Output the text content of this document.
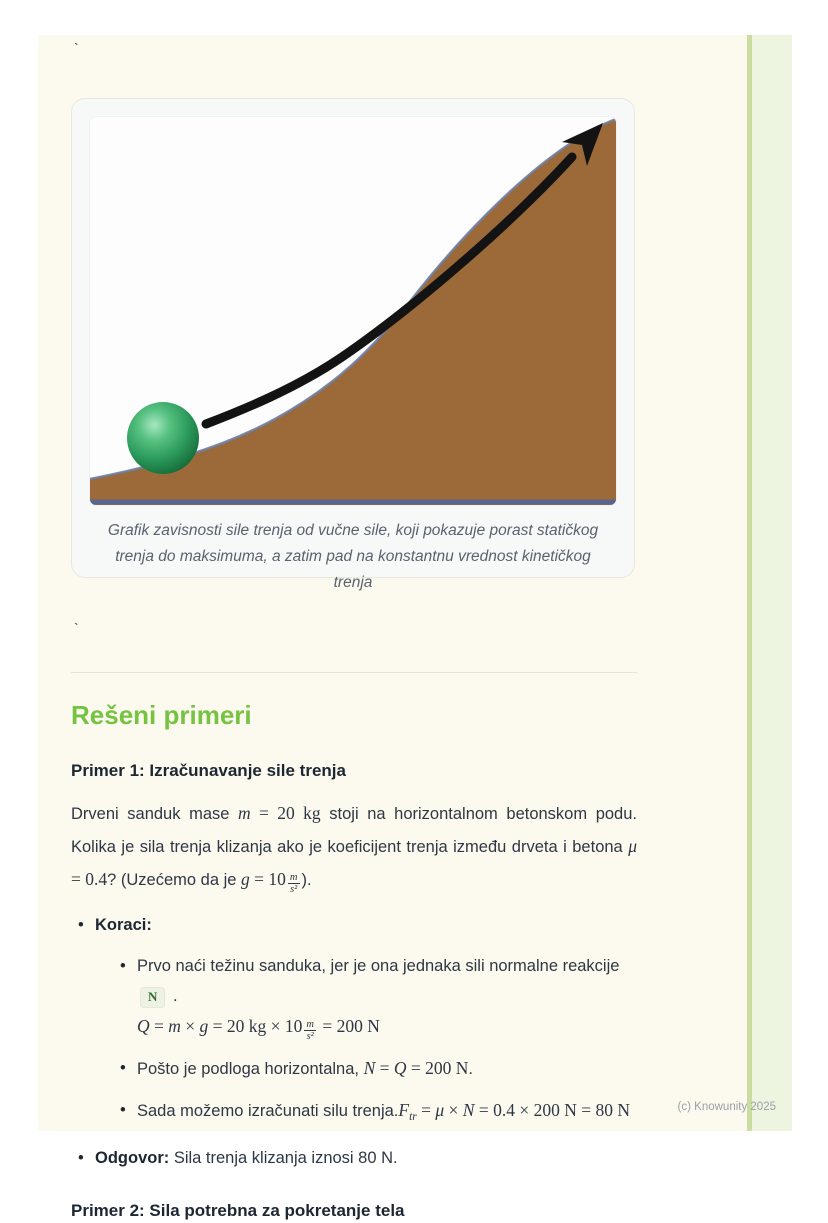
`
Grafik zavisnosti sile trenja od vučne sile, koji pokazuje porast statičkog trenja do maksimuma, a zatim pad na konstantnu vrednost kinetičkog trenja
`
Rešeni primeri
Primer 1: Izračunavanje sile trenja

Drveni sanduk mase m = 20 kg stoji na horizontalnom betonskom podu. Kolika je sila trenja klizanja ako je koeficijent trenja između drveta i betona μ = 0.4? (Uzećemo da je $g = 10 \frac{m}{\text{s²}}$ ).

• Koraci:
• Prvo naći težinu sanduka, jer je ona jednaka sili normalne reakcije N .
Q = m × g = 20 kg × $10 \frac{m}{\text{s²}} = 200$ N
• Pošto je podloga horizontalna, N = Q = 200 N.
• Sada možemo izračunati silu $trenja.F_{tr} = \mu \times N = 0.4 \times 200$ N = 80 N
• Odgovor: Sila trenja klizanja iznosi 80 N.
Primer 2: Sila potrebna za pokretanje tela
(c) Knowunity 2025
